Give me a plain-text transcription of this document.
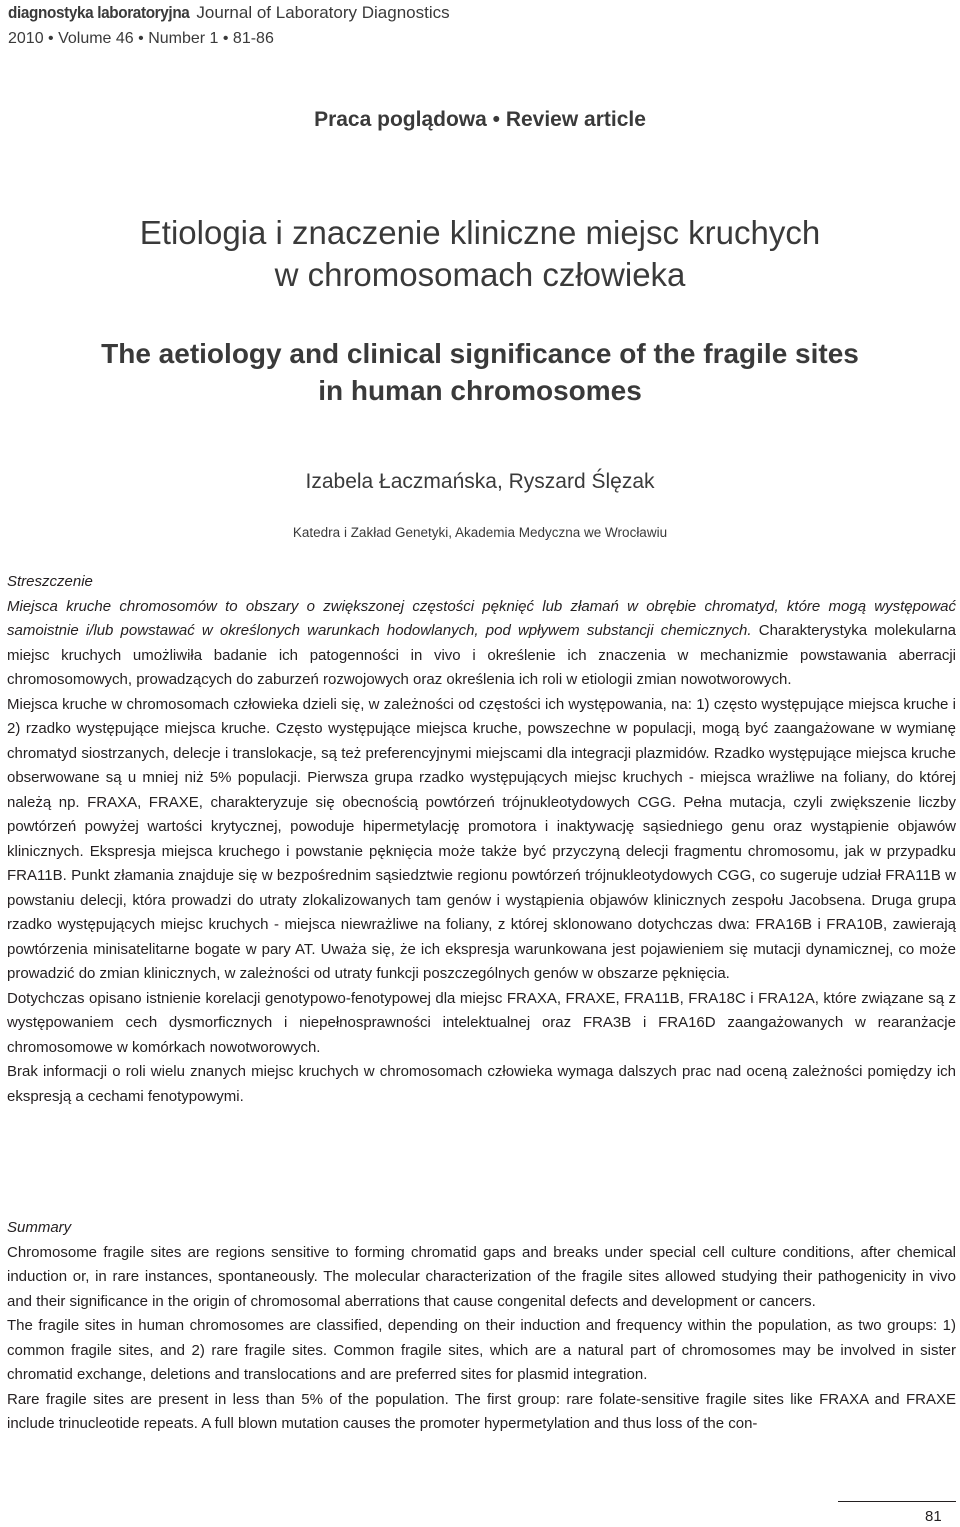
diagnostyka laboratoryjna Journal of Laboratory Diagnostics
2010 • Volume 46 • Number 1 • 81-86
Praca poglądowa • Review article
Etiologia i znaczenie kliniczne miejsc kruchych
w chromosomach człowieka
The aetiology and clinical significance of the fragile sites
in human chromosomes
Izabela Łaczmańska, Ryszard Ślęzak
Katedra i Zakład Genetyki, Akademia Medyczna we Wrocławiu

Streszczenie

Miejsca kruche chromosomów to obszary o zwiększonej częstości pęknięć lub złamań w obrębie chromatyd, które mogą występować samoistnie i/lub powstawać w określonych warunkach hodowlanych, pod wpływem substancji chemicznych. Charakterystyka molekularna miejsc kruchych umożliwiła badanie ich patogenności in vivo i określenie ich znaczenia w mechanizmie powstawania aberracji chromosomowych, prowadzących do zaburzeń rozwojowych oraz określenia ich roli w etiologii zmian nowotworowych.

Miejsca kruche w chromosomach człowieka dzieli się, w zależności od częstości ich występowania, na: 1) często występujące miejsca kruche i 2) rzadko występujące miejsca kruche. Często występujące miejsca kruche, powszechne w populacji, mogą być zaangażowane w wymianę chromatyd siostrzanych, delecje i translokacje, są też preferencyjnymi miejscami dla integracji plazmidów. Rzadko występujące miejsca kruche obserwowane są u mniej niż 5% populacji. Pierwsza grupa rzadko występujących miejsc kruchych - miejsca wrażliwe na foliany, do której należą np. FRAXA, FRAXE, charakteryzuje się obecnością powtórzeń trójnukleotydowych CGG. Pełna mutacja, czyli zwiększenie liczby powtórzeń powyżej wartości krytycznej, powoduje hipermetylację promotora i inaktywację sąsiedniego genu oraz wystąpienie objawów klinicznych. Ekspresja miejsca kruchego i powstanie pęknięcia może także być przyczyną delecji fragmentu chromosomu, jak w przypadku FRA11B. Punkt złamania znajduje się w bezpośrednim sąsiedztwie regionu powtórzeń trójnukleotydowych CGG, co sugeruje udział FRA11B w powstaniu delecji, która prowadzi do utraty zlokalizowanych tam genów i wystąpienia objawów klinicznych zespołu Jacobsena. Druga grupa rzadko występujących miejsc kruchych - miejsca niewrażliwe na foliany, z której sklonowano dotychczas dwa: FRA16B i FRA10B, zawierają powtórzenia minisatelitarne bogate w pary AT. Uważa się, że ich ekspresja warunkowana jest pojawieniem się mutacji dynamicznej, co może prowadzić do zmian klinicznych, w zależności od utraty funkcji poszczególnych genów w obszarze pęknięcia.

Dotychczas opisano istnienie korelacji genotypowo-fenotypowej dla miejsc FRAXA, FRAXE, FRA11B, FRA18C i FRA12A, które związane są z występowaniem cech dysmorficznych i niepełnosprawności intelektualnej oraz FRA3B i FRA16D zaangażowanych w rearanżacje chromosomowe w komórkach nowotworowych.

Brak informacji o roli wielu znanych miejsc kruchych w chromosomach człowieka wymaga dalszych prac nad oceną zależności pomiędzy ich ekspresją a cechami fenotypowymi.

Summary

Chromosome fragile sites are regions sensitive to forming chromatid gaps and breaks under special cell culture conditions, after chemical induction or, in rare instances, spontaneously. The molecular characterization of the fragile sites allowed studying their pathogenicity in vivo and their significance in the origin of chromosomal aberrations that cause congenital defects and development or cancers.

The fragile sites in human chromosomes are classified, depending on their induction and frequency within the population, as two groups: 1) common fragile sites, and 2) rare fragile sites. Common fragile sites, which are a natural part of chromosomes may be involved in sister chromatid exchange, deletions and translocations and are preferred sites for plasmid integration.

Rare fragile sites are present in less than 5% of the population. The first group: rare folate-sensitive fragile sites like FRAXA and FRAXE include trinucleotide repeats. A full blown mutation causes the promoter hypermetylation and thus loss of the con-

81
